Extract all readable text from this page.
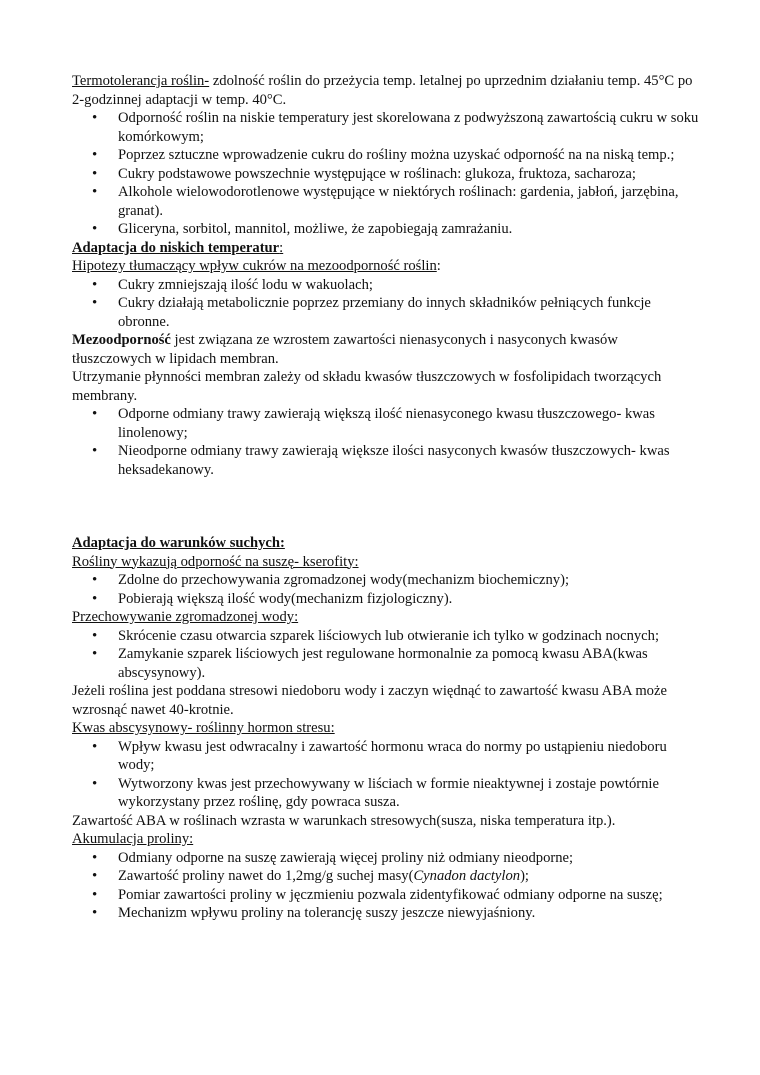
Termotolerancja roślin- zdolność roślin do przeżycia temp. letalnej po uprzednim działaniu temp. 45°C po 2-godzinnej adaptacji w temp. 40°C.

• Odporność roślin na niskie temperatury jest skorelowana z podwyższoną zawartością cukru w soku komórkowym;
• Poprzez sztuczne wprowadzenie cukru do rośliny można uzyskać odporność na na niską temp.;
• Cukry podstawowe powszechnie występujące w roślinach: glukoza, fruktoza, sacharoza;
• Alkohole wielowodorotlenowe występujące w niektórych roślinach: gardenia, jabłoń, jarzębina, granat).
• Gliceryna, sorbitol, mannitol, możliwe, że zapobiegają zamrażaniu.

Adaptacja do niskich temperatur:

Hipotezy tłumaczący wpływ cukrów na mezoodporność roślin:

• Cukry zmniejszają ilość lodu w wakuolach;
• Cukry działają metabolicznie poprzez przemiany do innych składników pełniących funkcje obronne.

Mezoodporność jest związana ze wzrostem zawartości nienasyconych i nasyconych kwasów tłuszczowych w lipidach membran.

Utrzymanie płynności membran zależy od składu kwasów tłuszczowych w fosfolipidach tworzących membrany.

• Odporne odmiany trawy zawierają większą ilość nienasyconego kwasu tłuszczowego- kwas linolenowy;
• Nieodporne odmiany trawy zawierają większe ilości nasyconych kwasów tłuszczowych- kwas heksadekanowy.

Adaptacja do warunków suchych:

Rośliny wykazują odporność na suszę- kserofity:

• Zdolne do przechowywania zgromadzonej wody(mechanizm biochemiczny);
• Pobierają większą ilość wody(mechanizm fizjologiczny).

Przechowywanie zgromadzonej wody:

• Skrócenie czasu otwarcia szparek liściowych lub otwieranie ich tylko w godzinach nocnych;
• Zamykanie szparek liściowych jest regulowane hormonalnie za pomocą kwasu ABA(kwas abscysynowy).

Jeżeli roślina jest poddana stresowi niedoboru wody i zaczyn więdnąć to zawartość kwasu ABA może wzrosnąć nawet 40-krotnie.

Kwas abscysynowy- roślinny hormon stresu:

• Wpływ kwasu jest odwracalny i zawartość hormonu wraca do normy po ustąpieniu niedoboru wody;
• Wytworzony kwas jest przechowywany w liściach w formie nieaktywnej i zostaje powtórnie wykorzystany przez roślinę, gdy powraca susza.

Zawartość ABA w roślinach wzrasta w warunkach stresowych(susza, niska temperatura itp.).

Akumulacja proliny:

• Odmiany odporne na suszę zawierają więcej proliny niż odmiany nieodporne;
• Zawartość proliny nawet do 1,2mg/g suchej masy(Cynadon dactylon);
• Pomiar zawartości proliny w jęczmieniu pozwala zidentyfikować odmiany odporne na suszę;
• Mechanizm wpływu proliny na tolerancję suszy jeszcze niewyjaśniony.
